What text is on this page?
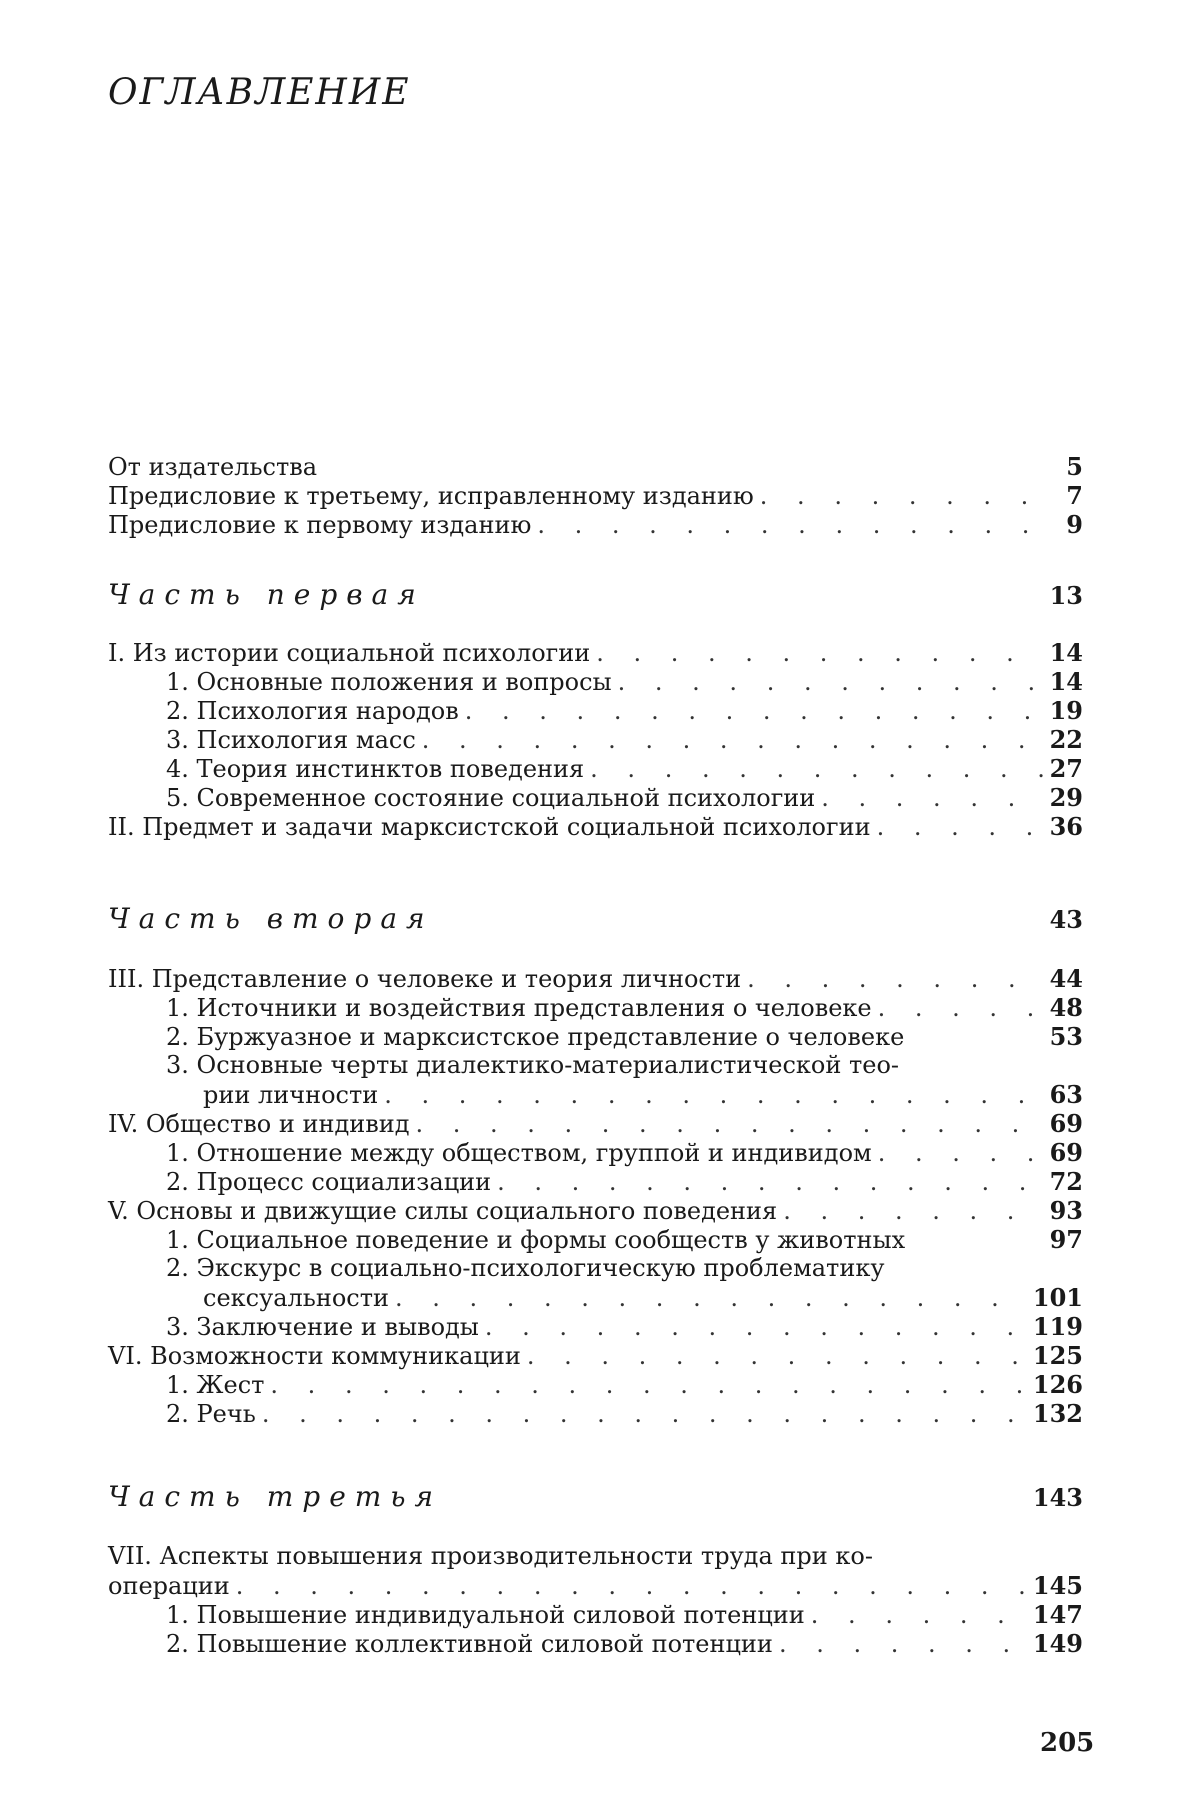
ОГЛАВЛЕНИЕ
От издательства	5
Предисловие к третьему, исправленному изданию . . .	7
Предисловие к первому изданию . . .	9
Часть первая	13
I. Из истории социальной психологии . . .	14
1. Основные положения и вопросы . . .	14
2. Психология народов . . .	19
3. Психология масс . . .	22
4. Теория инстинктов поведения . . .	27
5. Современное состояние социальной психологии . . .	29
II. Предмет и задачи марксистской социальной психологии . . .	36
Часть вторая	43
III. Представление о человеке и теория личности . . .	44
1. Источники и воздействия представления о человеке . . .	48
2. Буржуазное и марксистское представление о человеке	53
3. Основные черты диалектико-материалистической тео-
рии личности . . .	63
IV. Общество и индивид . . .	69
1. Отношение между обществом, группой и индивидом . . .	69
2. Процесс социализации . . .	72
V. Основы и движущие силы социального поведения . . .	93
1. Социальное поведение и формы сообществ у животных	97
2. Экскурс в социально-психологическую проблематику
сексуальности . . .	101
3. Заключение и выводы . . .	119
VI. Возможности коммуникации . . .	125
1. Жест . . .	126
2. Речь . . .	132
Часть третья	143
VII. Аспекты повышения производительности труда при ко-
операции . . .	145
1. Повышение индивидуальной силовой потенции . . .	147
2. Повышение коллективной силовой потенции . . .	149
205
